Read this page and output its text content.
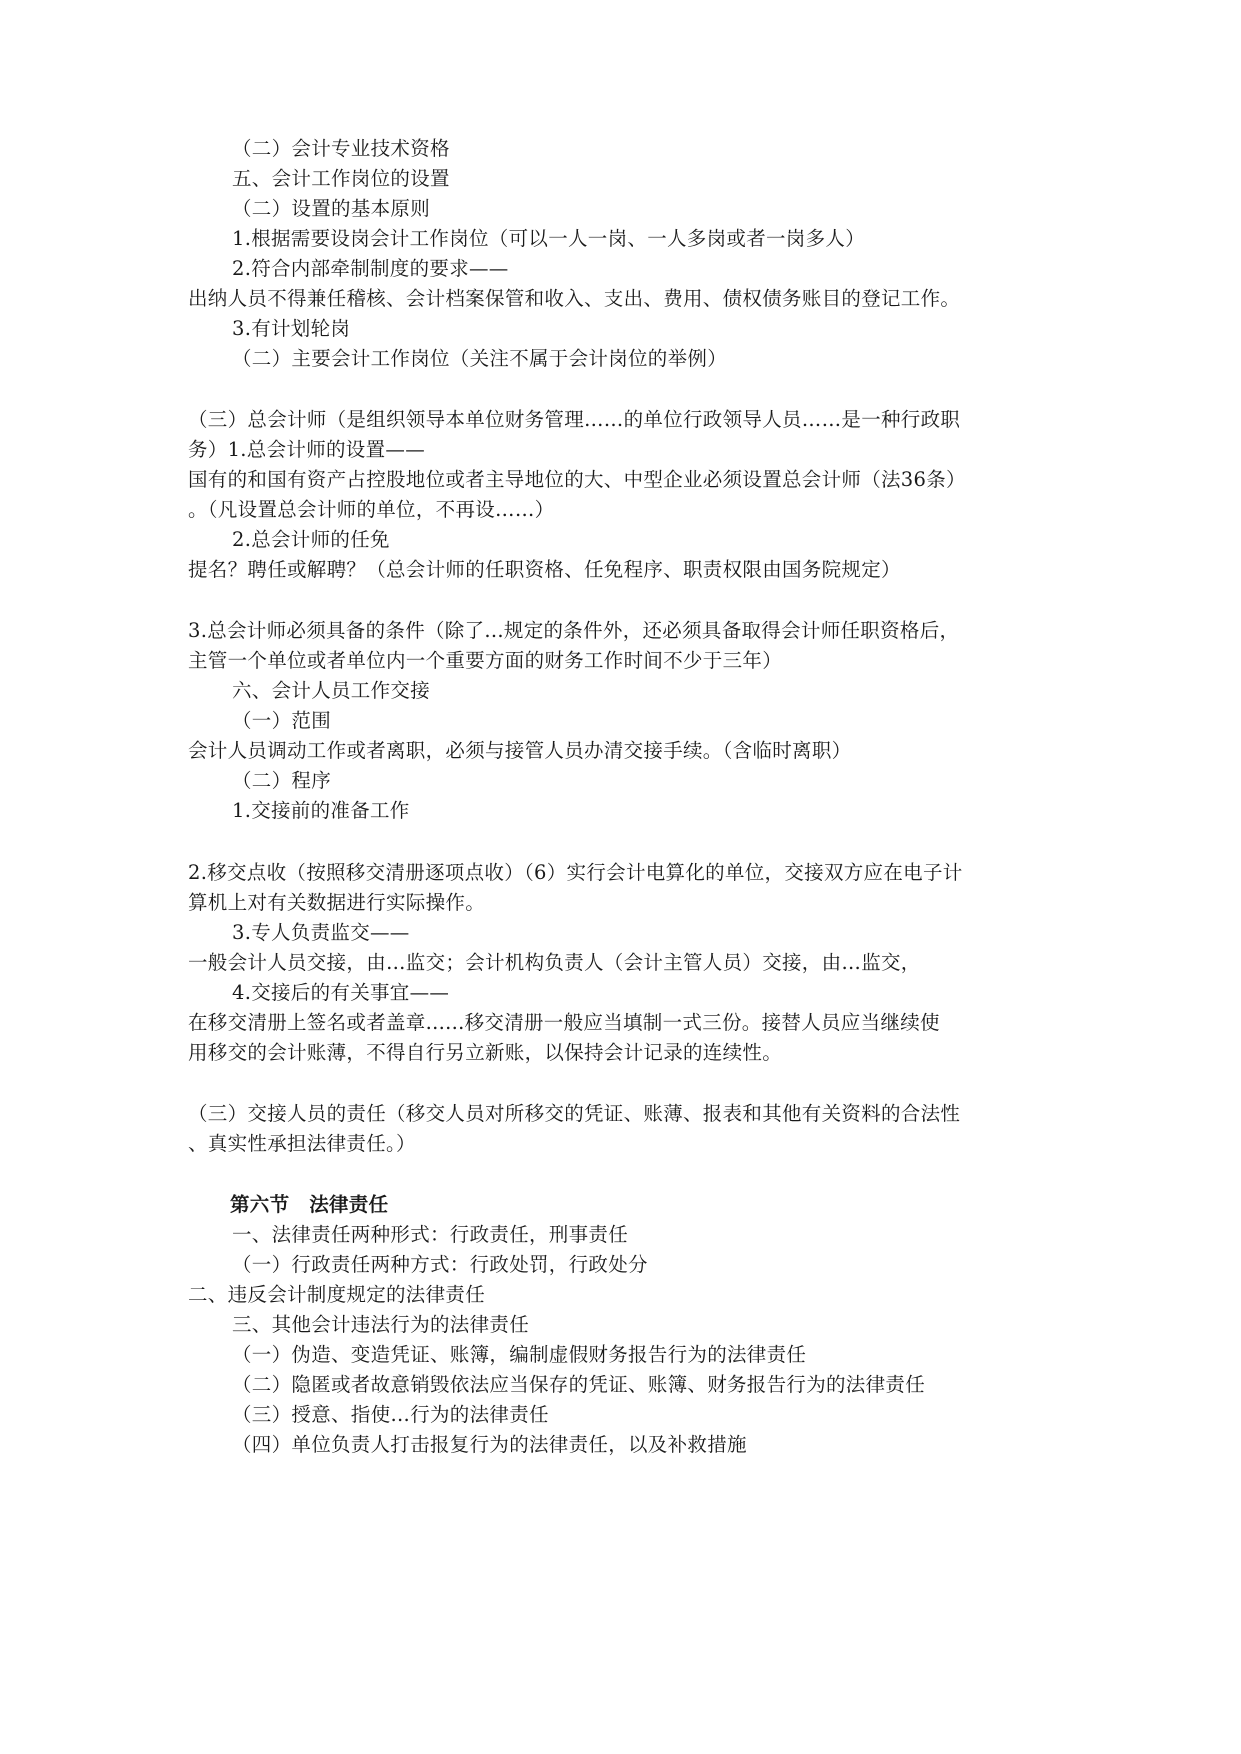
（二）会计专业技术资格
五、会计工作岗位的设置
（二）设置的基本原则
1.根据需要设岗会计工作岗位（可以一人一岗、一人多岗或者一岗多人）
2.符合内部牵制制度的要求——
出纳人员不得兼任稽核、会计档案保管和收入、支出、费用、债权债务账目的登记工作。
3.有计划轮岗
（二）主要会计工作岗位（关注不属于会计岗位的举例）
（三）总会计师（是组织领导本单位财务管理……的单位行政领导人员……是一种行政职
务）1.总会计师的设置——
国有的和国有资产占控股地位或者主导地位的大、中型企业必须设置总会计师（法36条）
。（凡设置总会计师的单位，不再设……）
2.总会计师的任免
提名？聘任或解聘？（总会计师的任职资格、任免程序、职责权限由国务院规定）
3.总会计师必须具备的条件（除了...规定的条件外，还必须具备取得会计师任职资格后，
主管一个单位或者单位内一个重要方面的财务工作时间不少于三年）
六、会计人员工作交接
（一）范围
会计人员调动工作或者离职，必须与接管人员办清交接手续。（含临时离职）
（二）程序
1.交接前的准备工作
2.移交点收（按照移交清册逐项点收）（6）实行会计电算化的单位，交接双方应在电子计
算机上对有关数据进行实际操作。
3.专人负责监交——
一般会计人员交接，由…监交；会计机构负责人（会计主管人员）交接，由…监交，
4.交接后的有关事宜——
在移交清册上签名或者盖章......移交清册一般应当填制一式三份。接替人员应当继续使
用移交的会计账薄，不得自行另立新账，以保持会计记录的连续性。
（三）交接人员的责任（移交人员对所移交的凭证、账薄、报表和其他有关资料的合法性
、真实性承担法律责任。）
第六节　法律责任
一、法律责任两种形式：行政责任，刑事责任
（一）行政责任两种方式：行政处罚，行政处分
二、违反会计制度规定的法律责任
三、其他会计违法行为的法律责任
（一）伪造、变造凭证、账簿，编制虚假财务报告行为的法律责任
（二）隐匿或者故意销毁依法应当保存的凭证、账簿、财务报告行为的法律责任
（三）授意、指使…行为的法律责任
（四）单位负责人打击报复行为的法律责任，以及补救措施
